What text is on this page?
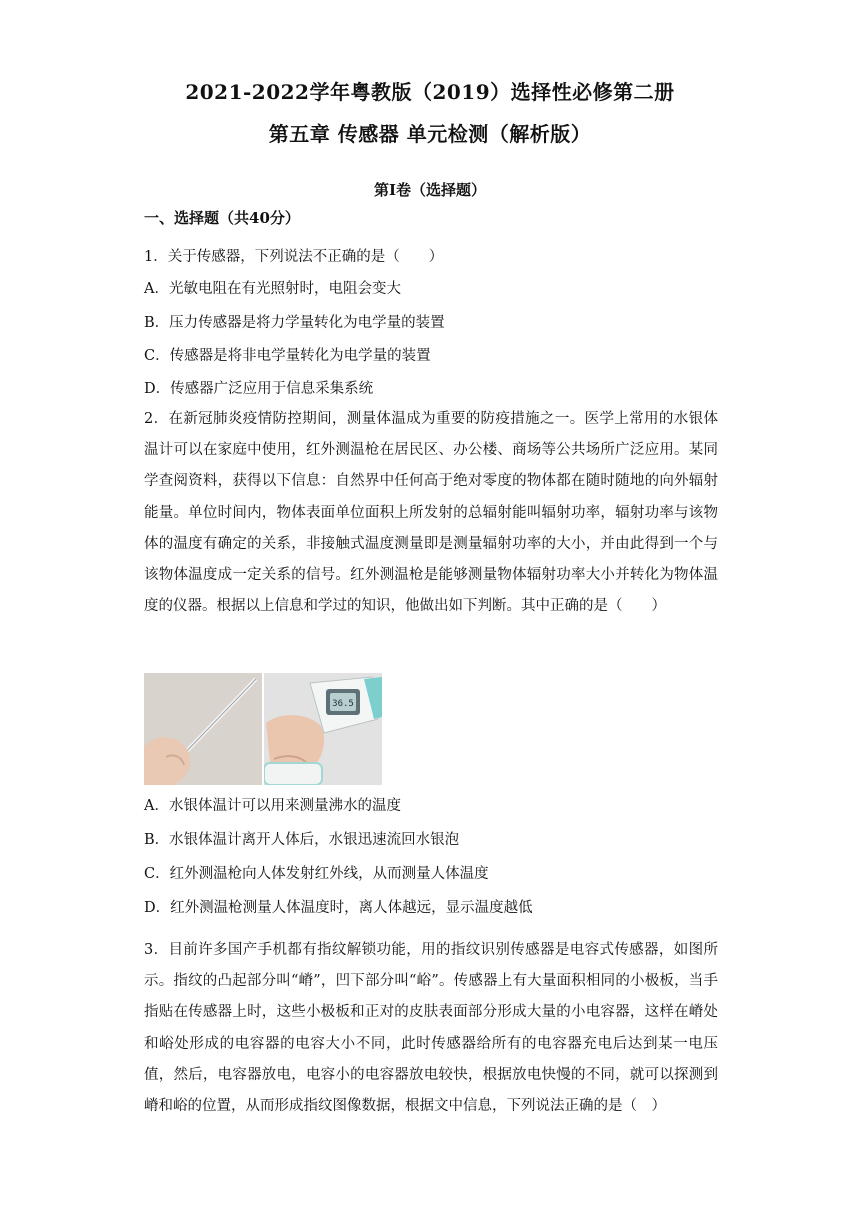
2021-2022学年粤教版（2019）选择性必修第二册
第五章 传感器 单元检测（解析版）
第Ⅰ卷（选择题）
一、选择题（共40分）
1．关于传感器，下列说法不正确的是（　　）
A．光敏电阻在有光照射时，电阻会变大
B．压力传感器是将力学量转化为电学量的装置
C．传感器是将非电学量转化为电学量的装置
D．传感器广泛应用于信息采集系统
2．在新冠肺炎疫情防控期间，测量体温成为重要的防疫措施之一。医学上常用的水银体温计可以在家庭中使用，红外测温枪在居民区、办公楼、商场等公共场所广泛应用。某同学查阅资料，获得以下信息：自然界中任何高于绝对零度的物体都在随时随地的向外辐射能量。单位时间内，物体表面单位面积上所发射的总辐射能叫辐射功率，辐射功率与该物体的温度有确定的关系，非接触式温度测量即是测量辐射功率的大小，并由此得到一个与该物体温度成一定关系的信号。红外测温枪是能够测量物体辐射功率大小并转化为物体温度的仪器。根据以上信息和学过的知识，他做出如下判断。其中正确的是（　　）
36.5
A．水银体温计可以用来测量沸水的温度
B．水银体温计离开人体后，水银迅速流回水银泡
C．红外测温枪向人体发射红外线，从而测量人体温度
D．红外测温枪测量人体温度时，离人体越远，显示温度越低
3．目前许多国产手机都有指纹解锁功能，用的指纹识别传感器是电容式传感器，如图所示。指纹的凸起部分叫“嵴”，凹下部分叫“峪”。传感器上有大量面积相同的小极板，当手指贴在传感器上时，这些小极板和正对的皮肤表面部分形成大量的小电容器，这样在嵴处和峪处形成的电容器的电容大小不同，此时传感器给所有的电容器充电后达到某一电压值，然后，电容器放电，电容小的电容器放电较快，根据放电快慢的不同，就可以探测到嵴和峪的位置，从而形成指纹图像数据，根据文中信息，下列说法正确的是（　）
